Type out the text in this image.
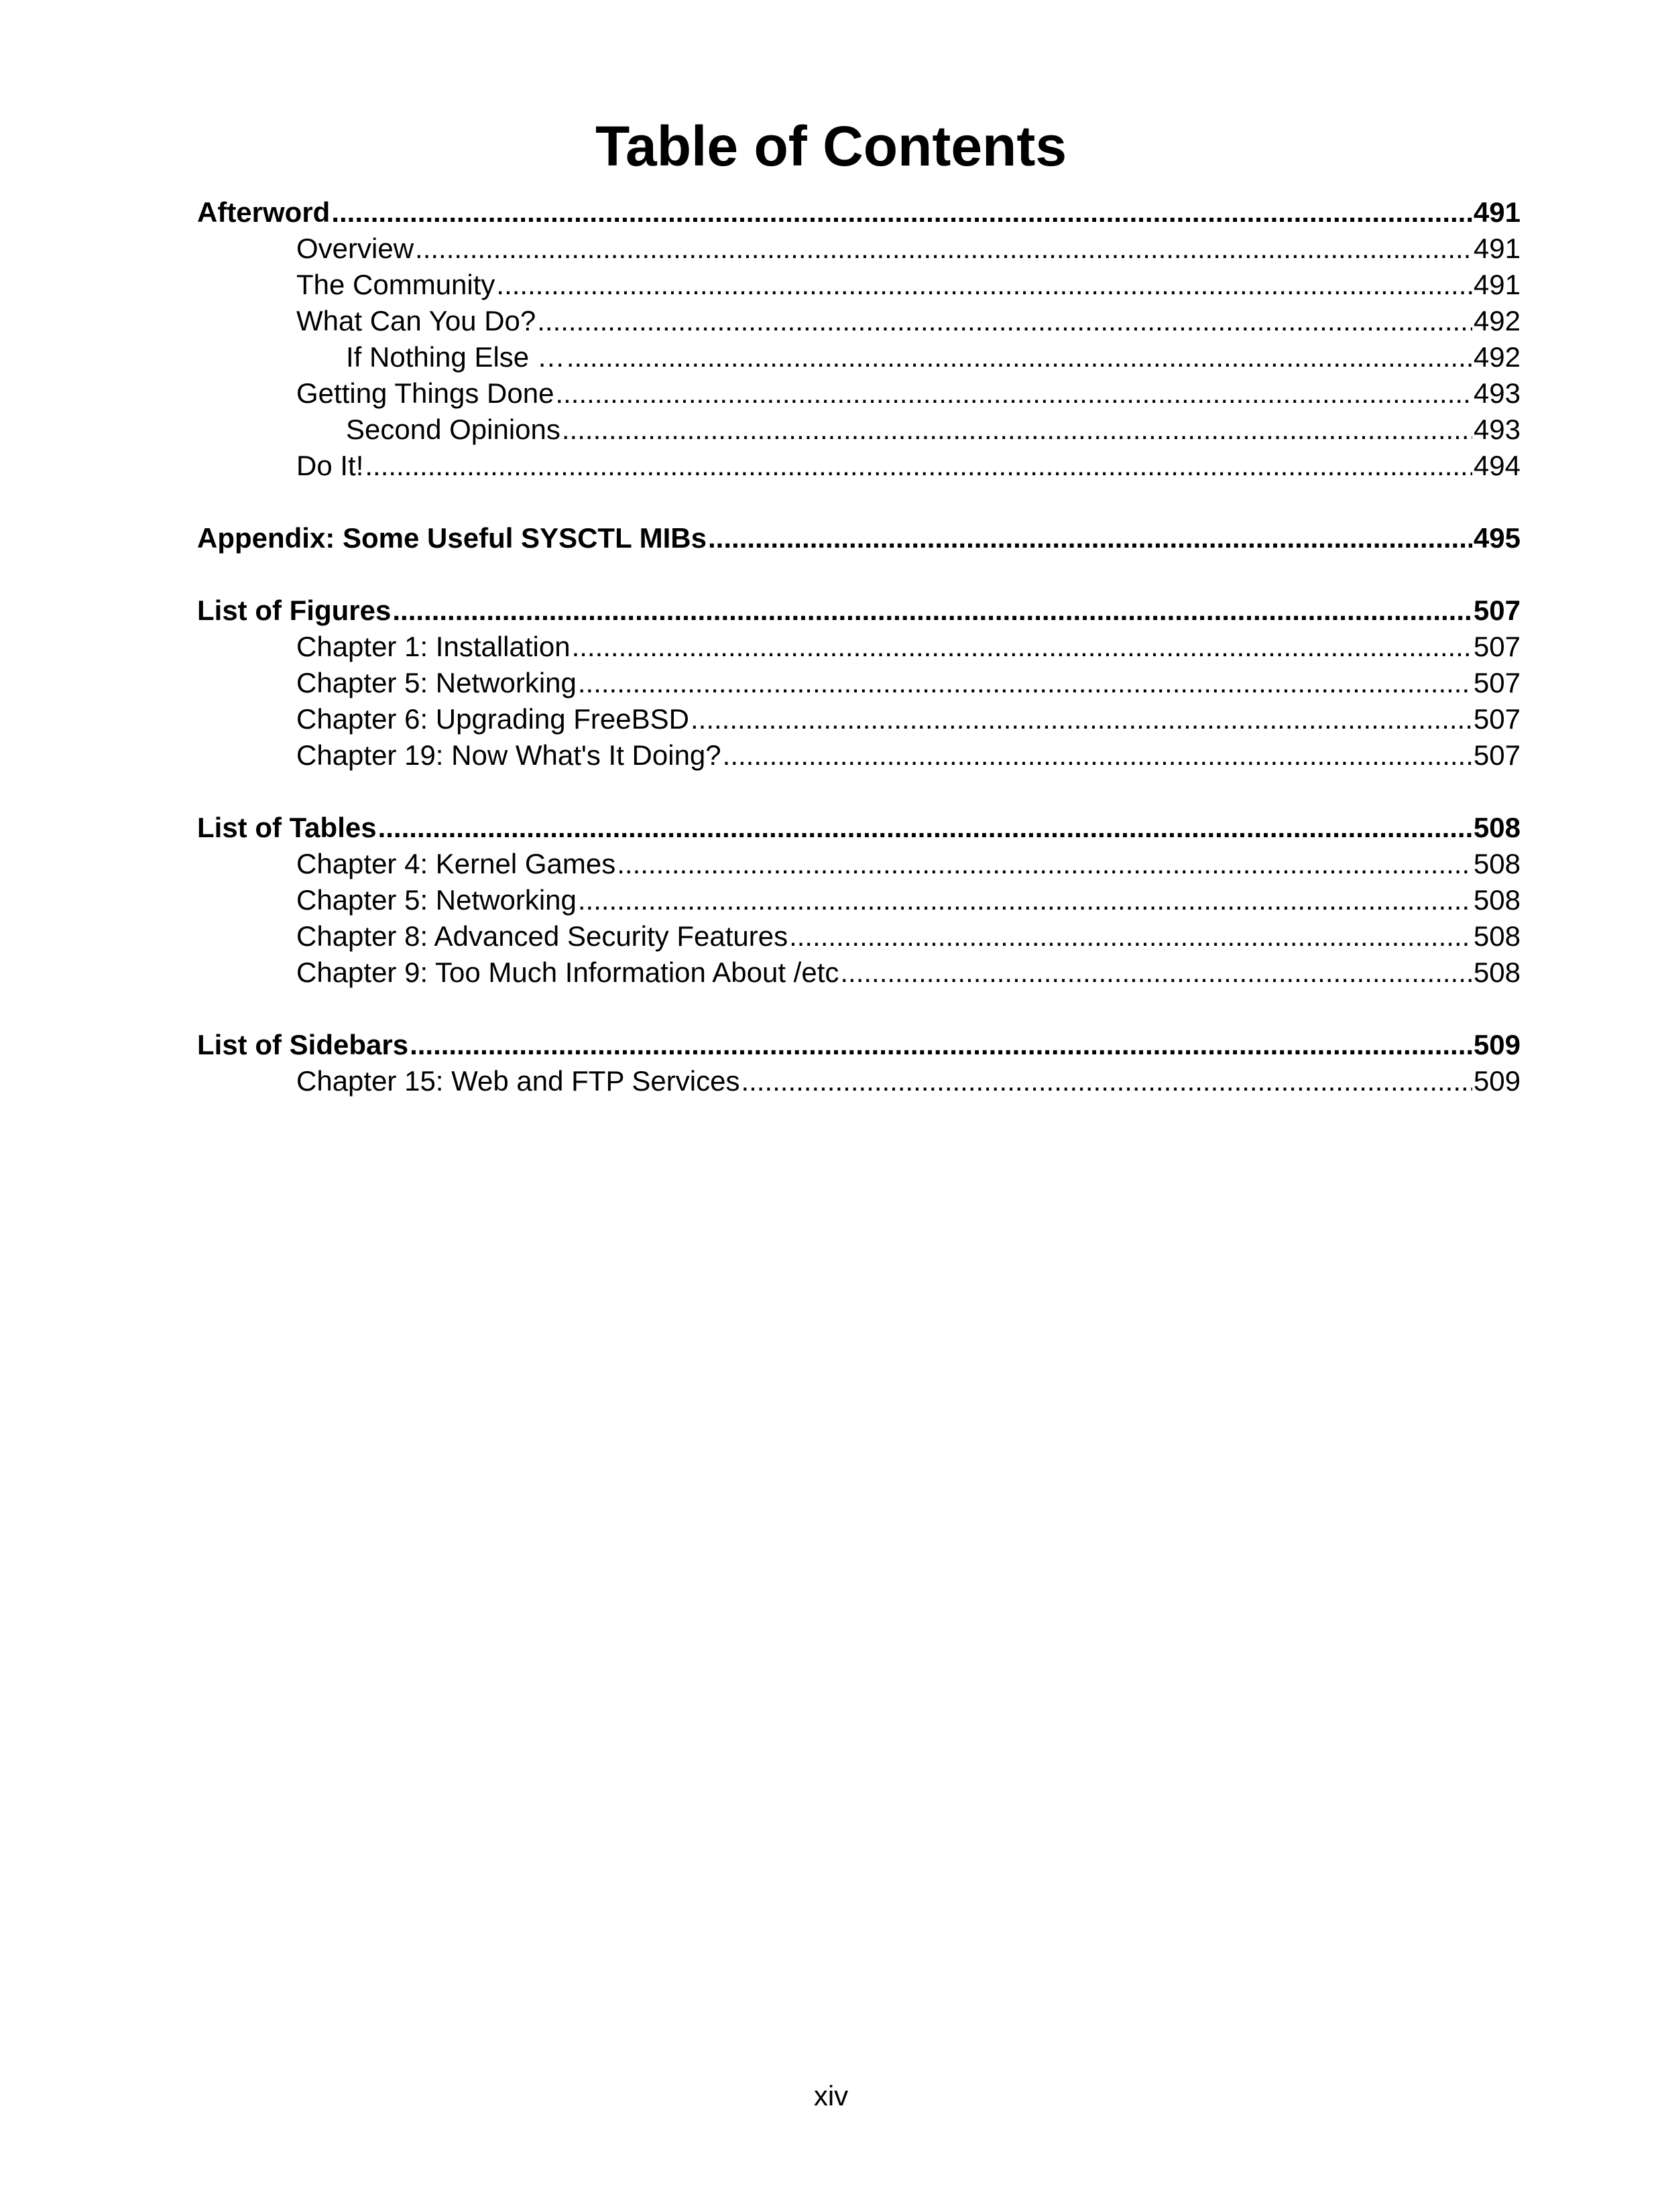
Table of Contents
Afterword .....	491
Overview .....	491
The Community .....	491
What Can You Do? .....	492
If Nothing Else … .....	492
Getting Things Done .....	493
Second Opinions .....	493
Do It! .....	494
Appendix: Some Useful SYSCTL MIBs .....	495
List of Figures .....	507
Chapter 1: Installation .....	507
Chapter 5: Networking .....	507
Chapter 6: Upgrading FreeBSD .....	507
Chapter 19: Now What's It Doing? .....	507
List of Tables .....	508
Chapter 4: Kernel Games .....	508
Chapter 5: Networking .....	508
Chapter 8: Advanced Security Features .....	508
Chapter 9: Too Much Information About /etc .....	508
List of Sidebars .....	509
Chapter 15: Web and FTP Services .....	509
xiv
